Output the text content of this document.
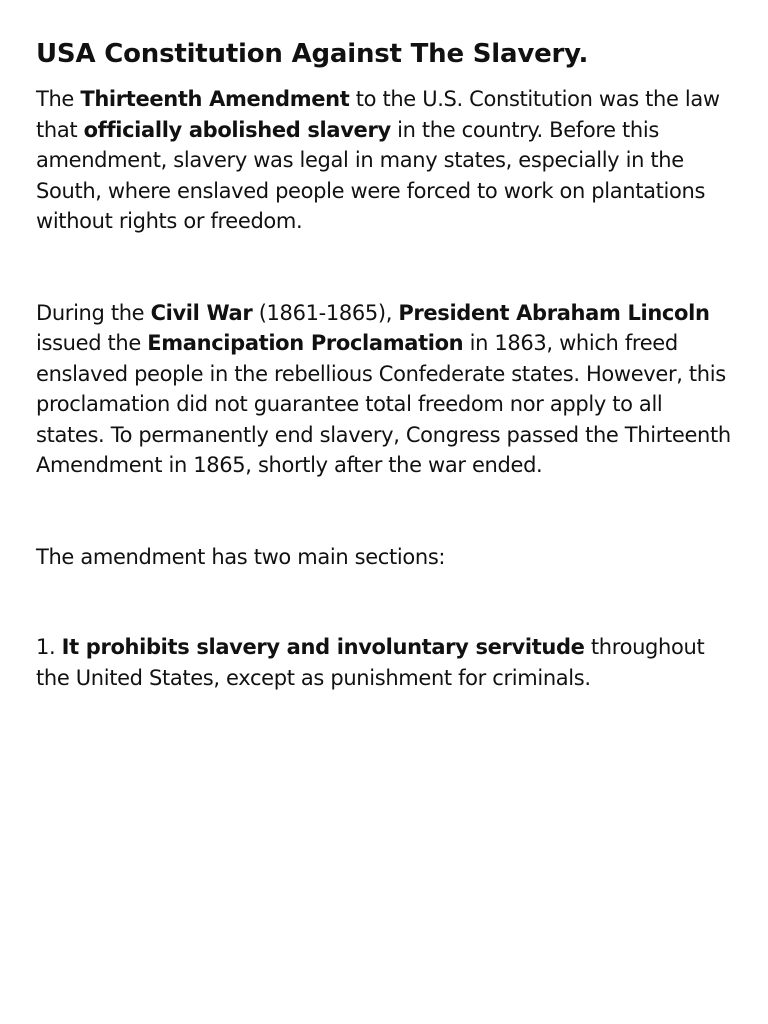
USA Constitution Against The Slavery.

The Thirteenth Amendment to the U.S. Constitution was the law that officially abolished slavery in the country. Before this amendment, slavery was legal in many states, especially in the South, where enslaved people were forced to work on plantations without rights or freedom.

During the Civil War (1861-1865), President Abraham Lincoln issued the Emancipation Proclamation in 1863, which freed enslaved people in the rebellious Confederate states. However, this proclamation did not guarantee total freedom nor apply to all states. To permanently end slavery, Congress passed the Thirteenth Amendment in 1865, shortly after the war ended.

The amendment has two main sections:

1. It prohibits slavery and involuntary servitude throughout the United States, except as punishment for criminals.
